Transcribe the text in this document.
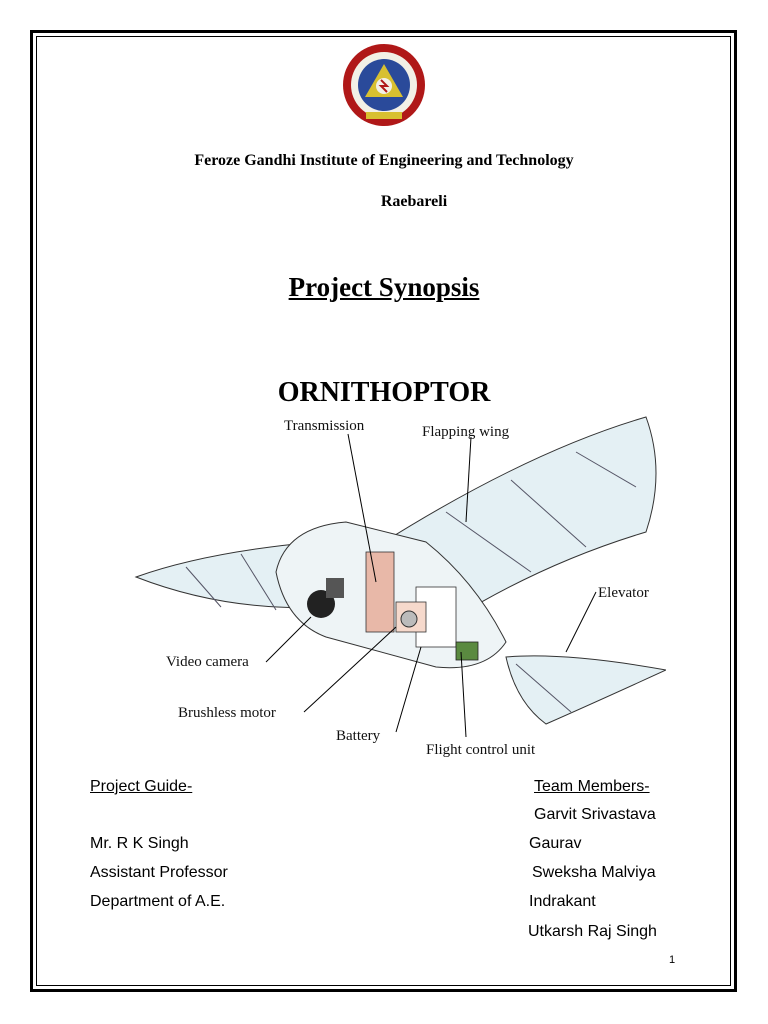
Feroze Gandhi Institute of Engineering and Technology
Raebareli
Project Synopsis
ORNITHOPTOR
Transmission	Flapping wing
Elevator
Video camera
Brushless motor
Battery
Flight control unit
Project Guide-
Mr. R K Singh
Assistant Professor
Department of A.E.
Team Members-
Garvit Srivastava
Gaurav
Sweksha Malviya
Indrakant
Utkarsh Raj Singh
1
